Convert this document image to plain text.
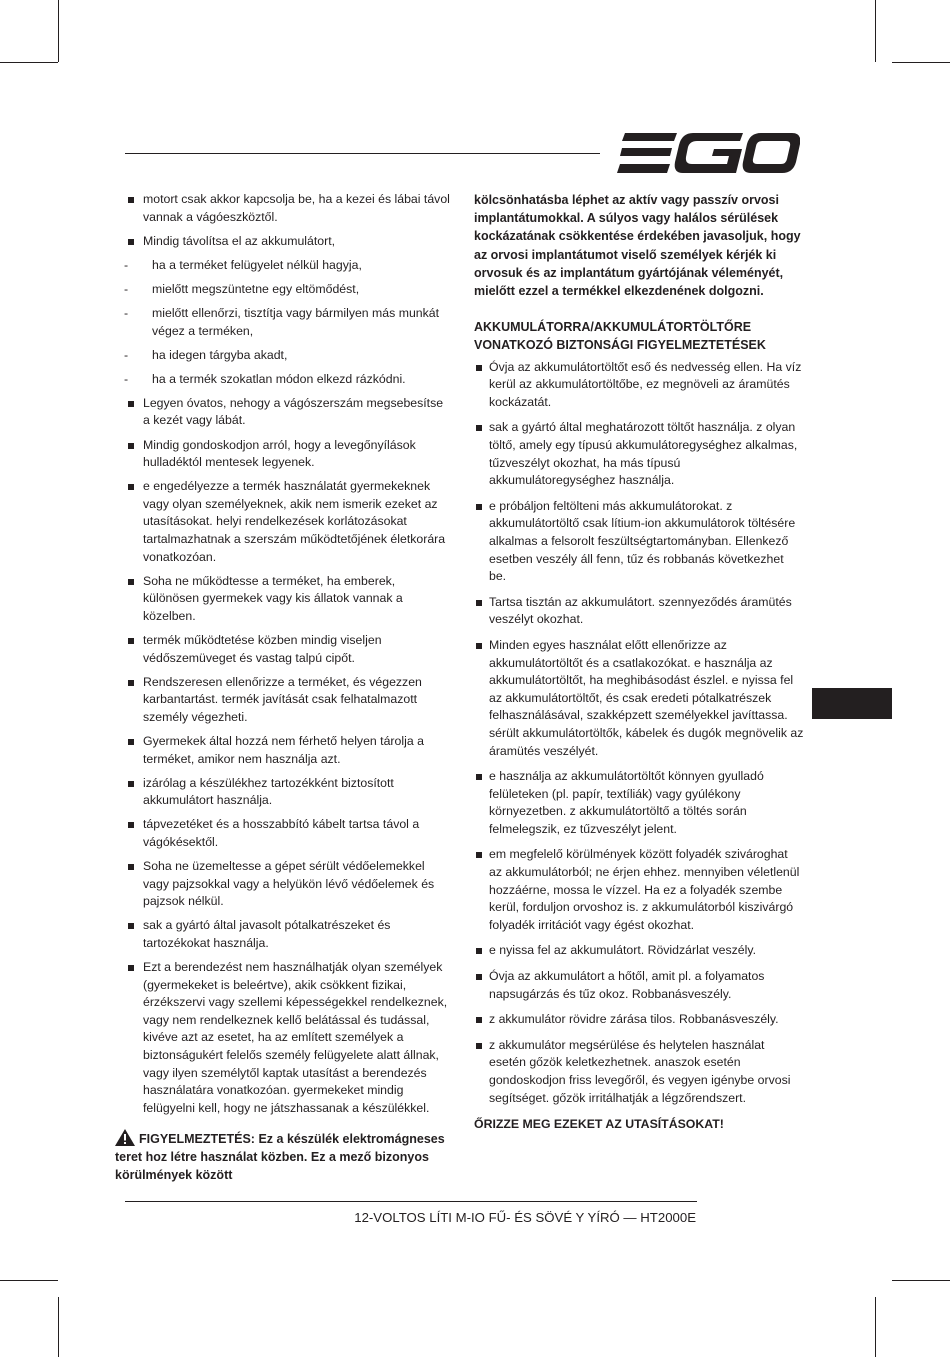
motort csak akkor kapcsolja be, ha a kezei és lábai távol vannak a vágóeszköztől.
Mindig távolítsa el az akkumulátort,
- ha a terméket felügyelet nélkül hagyja,
- mielőtt megszüntetne egy eltömődést,
- mielőtt ellenőrzi, tisztítja vagy bármilyen más munkát végez a terméken,
- ha idegen tárgyba akadt,
- ha a termék szokatlan módon elkezd rázkódni.
Legyen óvatos, nehogy a vágószerszám megsebesítse a kezét vagy lábát.
Mindig gondoskodjon arról, hogy a levegőnyílások hulladéktól mentesek legyenek.
e engedélyezze a termék használatát gyermekeknek vagy olyan személyeknek, akik nem ismerik ezeket az utasításokat. helyi rendelkezések korlátozásokat tartalmazhatnak a szerszám működtetőjének életkorára vonatkozóan.
Soha ne működtesse a terméket, ha emberek, különösen gyermekek vagy kis állatok vannak a közelben.
termék működtetése közben mindig viseljen védőszemüveget és vastag talpú cipőt.
Rendszeresen ellenőrizze a terméket, és végezzen karbantartást. termék javítását csak felhatalmazott személy végezheti.
Gyermekek által hozzá nem férhető helyen tárolja a terméket, amikor nem használja azt.
izárólag a készülékhez tartozékként biztosított akkumulátort használja.
tápvezetéket és a hosszabbító kábelt tartsa távol a vágókésektől.
Soha ne üzemeltesse a gépet sérült védőelemekkel vagy pajzsokkal vagy a helyükön lévő védőelemek és pajzsok nélkül.
sak a gyártó által javasolt pótalkatrészeket és tartozékokat használja.
Ezt a berendezést nem használhatják olyan személyek (gyermekeket is beleértve), akik csökkent fizikai, érzékszervi vagy szellemi képességekkel rendelkeznek, vagy nem rendelkeznek kellő belátással és tudással, kivéve azt az esetet, ha az említett személyek a biztonságukért felelős személy felügyelete alatt állnak, vagy ilyen személytől kaptak utasítást a berendezés használatára vonatkozóan. gyermekeket mindig felügyelni kell, hogy ne játszhassanak a készülékkel.
FIGYELMEZTETÉS: Ez a készülék elektromágneses teret hoz létre használat közben. Ez a mező bizonyos körülmények között
kölcsönhatásba léphet az aktív vagy passzív orvosi implantátumokkal. A súlyos vagy halálos sérülések kockázatának csökkentése érdekében javasoljuk, hogy az orvosi implantátumot viselő személyek kérjék ki orvosuk és az implantátum gyártójának véleményét, mielőtt ezzel a termékkel elkezdenének dolgozni.
AKKUMULÁTORRA/AKKUMULÁTORTÖLTŐRE VONATKOZÓ BIZTONSÁGI FIGYELMEZTETÉSEK
Óvja az akkumulátortöltőt eső és nedvesség ellen. Ha víz kerül az akkumulátortöltőbe, ez megnöveli az áramütés kockázatát.
sak a gyártó által meghatározott töltőt használja. z olyan töltő, amely egy típusú akkumulátoregységhez alkalmas, tűzveszélyt okozhat, ha más típusú akkumulátoregységhez használja.
e próbáljon feltölteni más akkumulátorokat. z akkumulátortöltő csak lítium-ion akkumulátorok töltésére alkalmas a felsorolt feszültségtartományban. Ellenkező esetben veszély áll fenn, tűz és robbanás következhet be.
Tartsa tisztán az akkumulátort. szennyeződés áramütés veszélyt okozhat.
Minden egyes használat előtt ellenőrizze az akkumulátortöltőt és a csatlakozókat. e használja az akkumulátortöltőt, ha meghibásodást észlel. e nyissa fel az akkumulátortöltőt, és csak eredeti pótalkatrészek felhasználásával, szakképzett személyekkel javíttassa. sérült akkumulátortöltők, kábelek és dugók megnövelik az áramütés veszélyét.
e használja az akkumulátortöltőt könnyen gyulladó felületeken (pl. papír, textíliák) vagy gyúlékony környezetben. z akkumulátortöltő a töltés során felmelegszik, ez tűzveszélyt jelent.
em megfelelő körülmények között folyadék szivároghat az akkumulátorból; ne érjen ehhez. mennyiben véletlenül hozzáérne, mossa le vízzel. Ha ez a folyadék szembe kerül, forduljon orvoshoz is. z akkumulátorból kiszivárgó folyadék irritációt vagy égést okozhat.
e nyissa fel az akkumulátort. Rövidzárlat veszély.
Óvja az akkumulátort a hőtől, amit pl. a folyamatos napsugárzás és tűz okoz. Robbanásveszély.
z akkumulátor rövidre zárása tilos. Robbanásveszély.
z akkumulátor megsérülése és helytelen használat esetén gőzök keletkezhetnek. anaszok esetén gondoskodjon friss levegőről, és vegyen igénybe orvosi segítséget. gőzök irritálhatják a légzőrendszert.
ŐRIZZE MEG EZEKET AZ UTASÍTÁSOKAT!
12-VOLTOS LÍTI M-IO FŰ- ÉS SÖVÉ Y YÍRÓ — HT2000E
